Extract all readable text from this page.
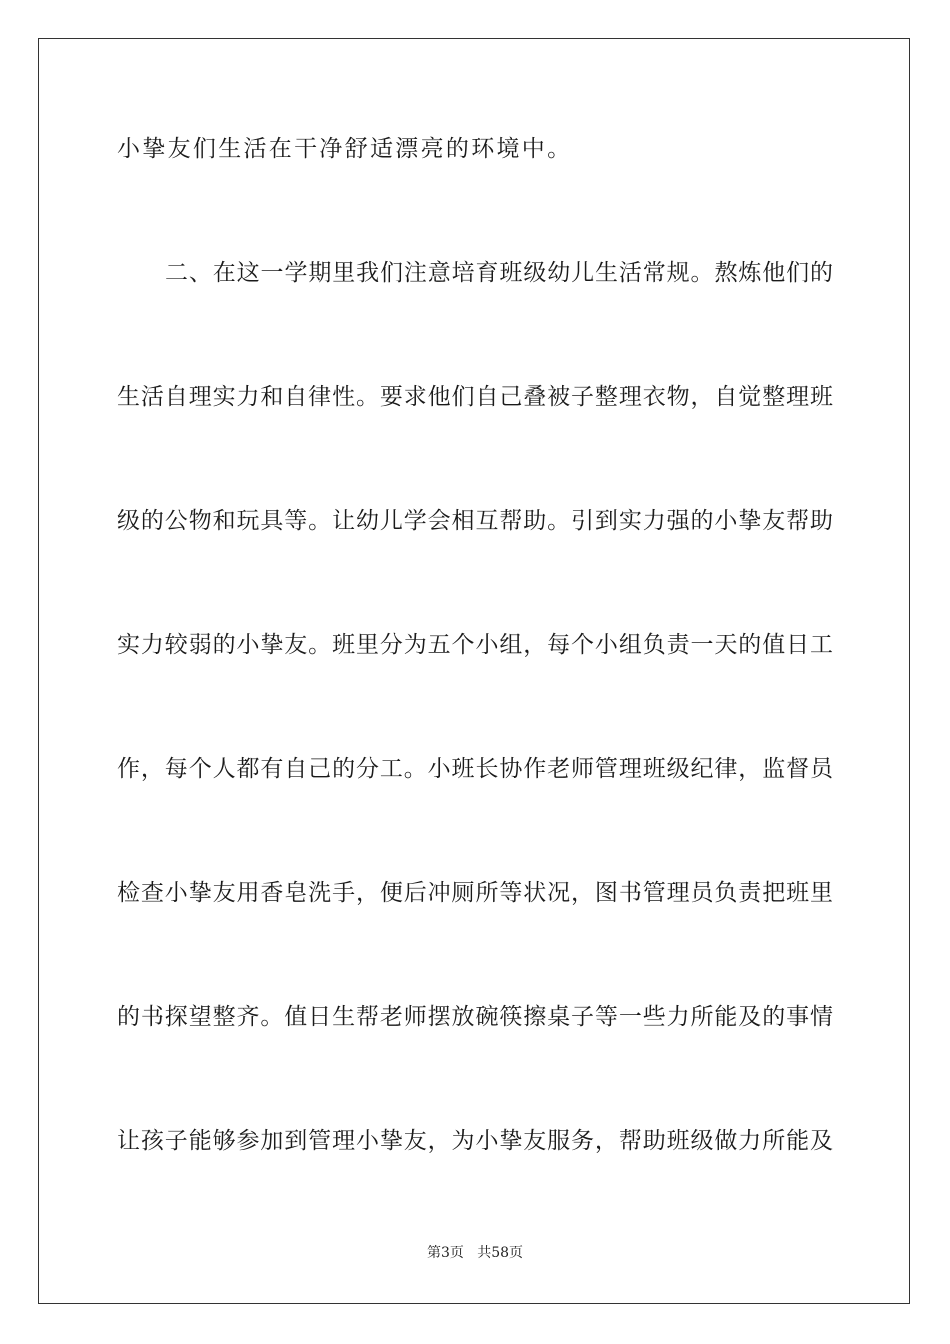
小挚友们生活在干净舒适漂亮的环境中。
二、在这一学期里我们注意培育班级幼儿生活常规。熬炼他们的
生活自理实力和自律性。要求他们自己叠被子整理衣物，自觉整理班
级的公物和玩具等。让幼儿学会相互帮助。引到实力强的小挚友帮助
实力较弱的小挚友。班里分为五个小组，每个小组负责一天的值日工
作，每个人都有自己的分工。小班长协作老师管理班级纪律，监督员
检查小挚友用香皂洗手，便后冲厕所等状况，图书管理员负责把班里
的书探望整齐。值日生帮老师摆放碗筷擦桌子等一些力所能及的事情
让孩子能够参加到管理小挚友，为小挚友服务，帮助班级做力所能及
第3页   共58页
